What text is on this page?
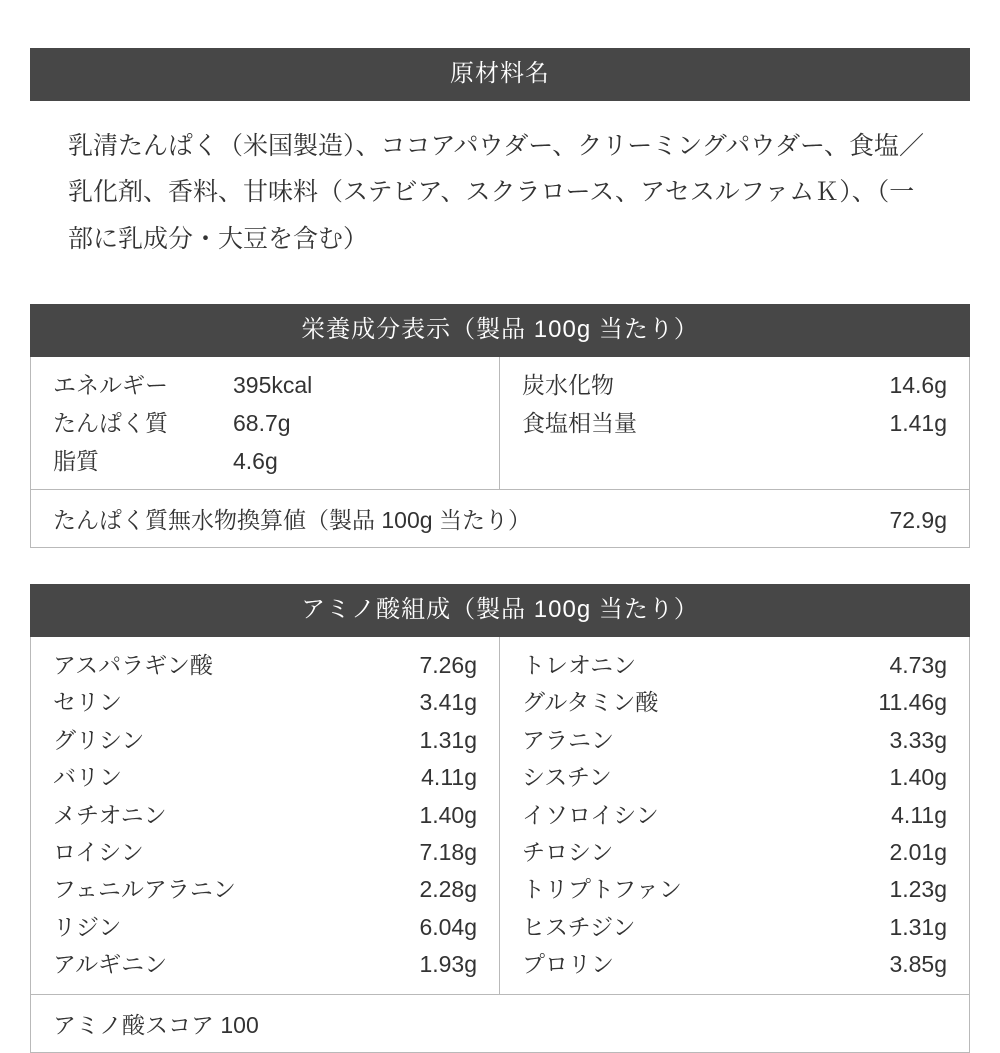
原材料名
乳清たんぱく（米国製造）、ココアパウダー、クリーミングパウダー、食塩／乳化剤、香料、甘味料（ステビア、スクラロース、アセスルファムＫ）、（一部に乳成分・大豆を含む）
栄養成分表示（製品 100g 当たり）
エネルギー	395kcal
たんぱく質	68.7g
脂質	4.6g
炭水化物	14.6g
食塩相当量	1.41g
たんぱく質無水物換算値（製品 100g 当たり）	72.9g
アミノ酸組成（製品 100g 当たり）
アスパラギン酸	7.26g
セリン	3.41g
グリシン	1.31g
バリン	4.11g
メチオニン	1.40g
ロイシン	7.18g
フェニルアラニン	2.28g
リジン	6.04g
アルギニン	1.93g
トレオニン	4.73g
グルタミン酸	11.46g
アラニン	3.33g
シスチン	1.40g
イソロイシン	4.11g
チロシン	2.01g
トリプトファン	1.23g
ヒスチジン	1.31g
プロリン	3.85g
アミノ酸スコア 100
